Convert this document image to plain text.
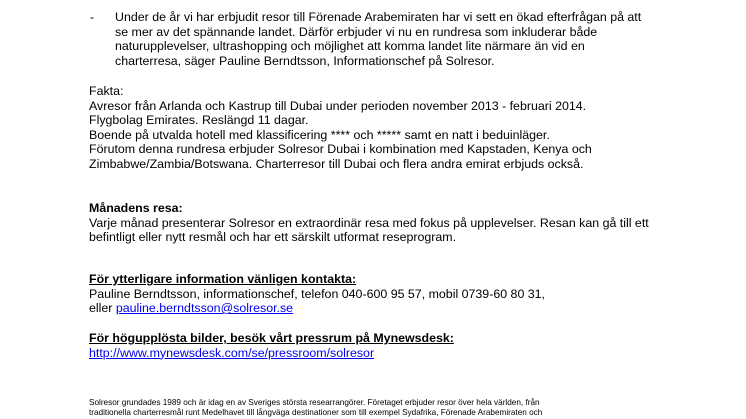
- Under de år vi har erbjudit resor till Förenade Arabemiraten har vi sett en ökad efterfrågan på att
se mer av det spännande landet. Därför erbjuder vi nu en rundresa som inkluderar både
naturupplevelser, ultrashopping och möjlighet att komma landet lite närmare än vid en
charterresa, säger Pauline Berndtsson, Informationschef på Solresor.
Fakta:
Avresor från Arlanda och Kastrup till Dubai under perioden november 2013 - februari 2014.
Flygbolag Emirates. Reslängd 11 dagar.
Boende på utvalda hotell med klassificering **** och ***** samt en natt i beduinläger.
Förutom denna rundresa erbjuder Solresor Dubai i kombination med Kapstaden, Kenya och
Zimbabwe/Zambia/Botswana. Charterresor till Dubai och flera andra emirat erbjuds också.
Månadens resa:
Varje månad presenterar Solresor en extraordinär resa med fokus på upplevelser. Resan kan gå till ett
befintligt eller nytt resmål och har ett särskilt utformat reseprogram.
För ytterligare information vänligen kontakta:
Pauline Berndtsson, informationschef, telefon 040-600 95 57, mobil 0739-60 80 31,
eller pauline.berndtsson@solresor.se
För högupplösta bilder, besök vårt pressrum på Mynewsdesk:
http://www.mynewsdesk.com/se/pressroom/solresor
Solresor grundades 1989 och är idag en av Sveriges största researrangörer. Företaget erbjuder resor över hela världen, från
traditionella charterresmål runt Medelhavet till långväga destinationer som till exempel Sydafrika, Förenade Arabemiraten och
